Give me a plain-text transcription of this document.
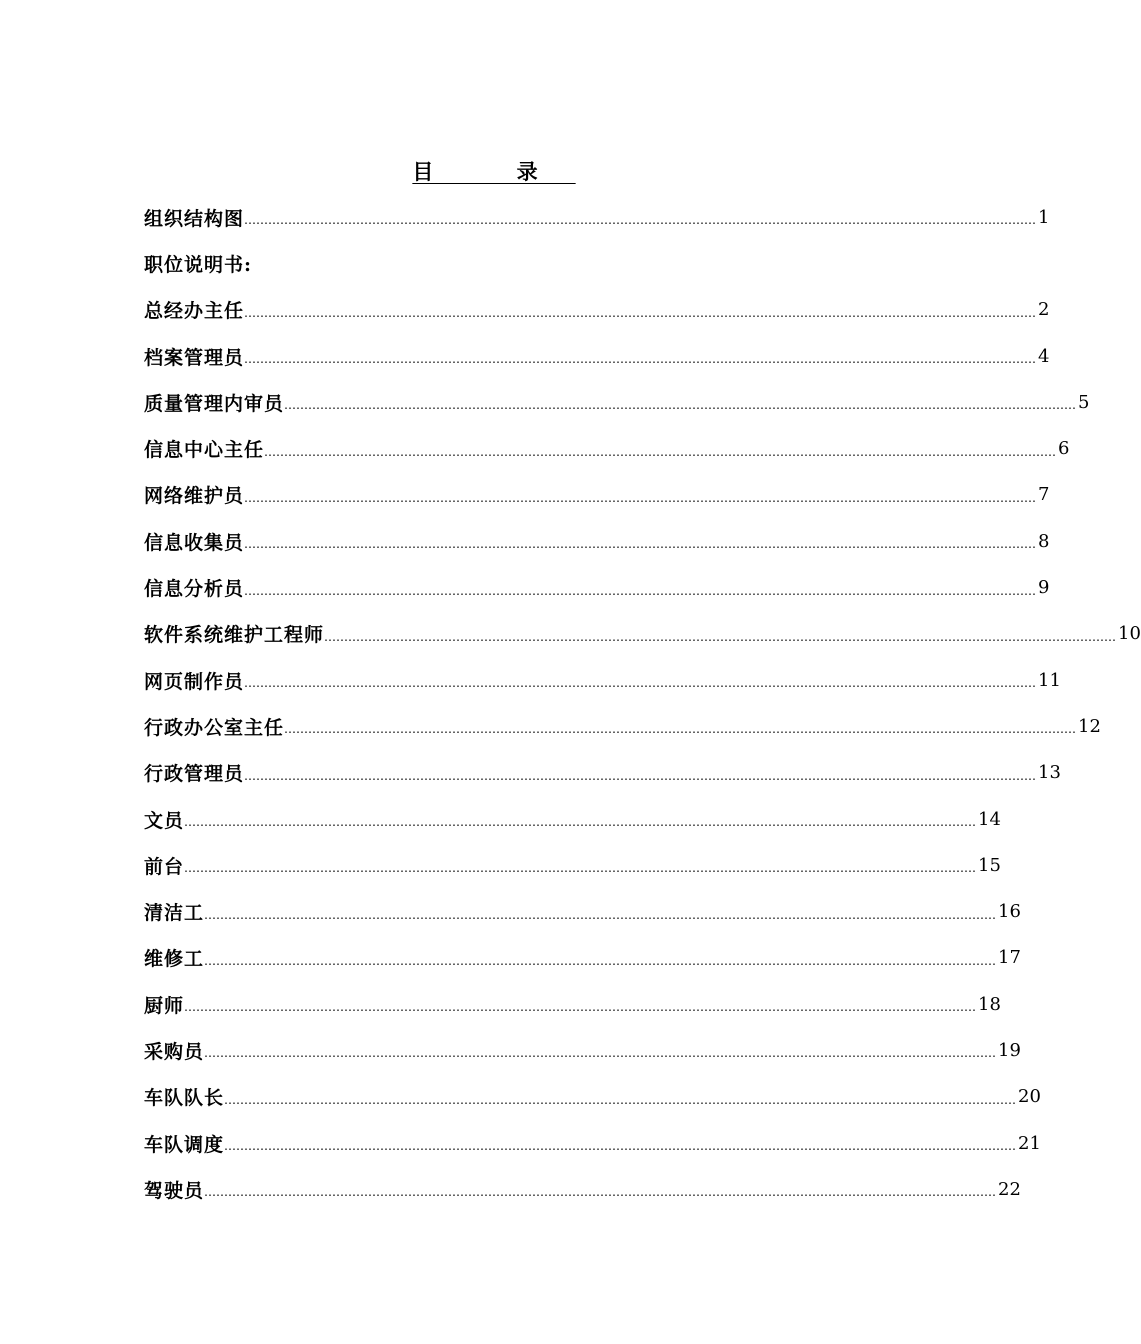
目 录
组织结构图 ……………………………………………………………………………………………………………………………………………………………………………… 1
职位说明书:
总经办主任 ……………………………………………………………………………………………………………………………………………………………………………… 2
档案管理员 ……………………………………………………………………………………………………………………………………………………………………………… 4
质量管理内审员 ……………………………………………………………………………………………………………………………………………………………………………… 5
信息中心主任 ……………………………………………………………………………………………………………………………………………………………………………… 6
网络维护员 ……………………………………………………………………………………………………………………………………………………………………………… 7
信息收集员 ……………………………………………………………………………………………………………………………………………………………………………… 8
信息分析员 ……………………………………………………………………………………………………………………………………………………………………………… 9
软件系统维护工程师 ……………………………………………………………………………………………………………………………………………………………………………… 10
网页制作员 ……………………………………………………………………………………………………………………………………………………………………………… 11
行政办公室主任 ……………………………………………………………………………………………………………………………………………………………………………… 12
行政管理员 ……………………………………………………………………………………………………………………………………………………………………………… 13
文员 ……………………………………………………………………………………………………………………………………………………………………………… 14
前台 ……………………………………………………………………………………………………………………………………………………………………………… 15
清洁工 ……………………………………………………………………………………………………………………………………………………………………………… 16
维修工 ……………………………………………………………………………………………………………………………………………………………………………… 17
厨师 ……………………………………………………………………………………………………………………………………………………………………………… 18
采购员 ……………………………………………………………………………………………………………………………………………………………………………… 19
车队队长 ……………………………………………………………………………………………………………………………………………………………………………… 20
车队调度 ……………………………………………………………………………………………………………………………………………………………………………… 21
驾驶员 ……………………………………………………………………………………………………………………………………………………………………………… 22
